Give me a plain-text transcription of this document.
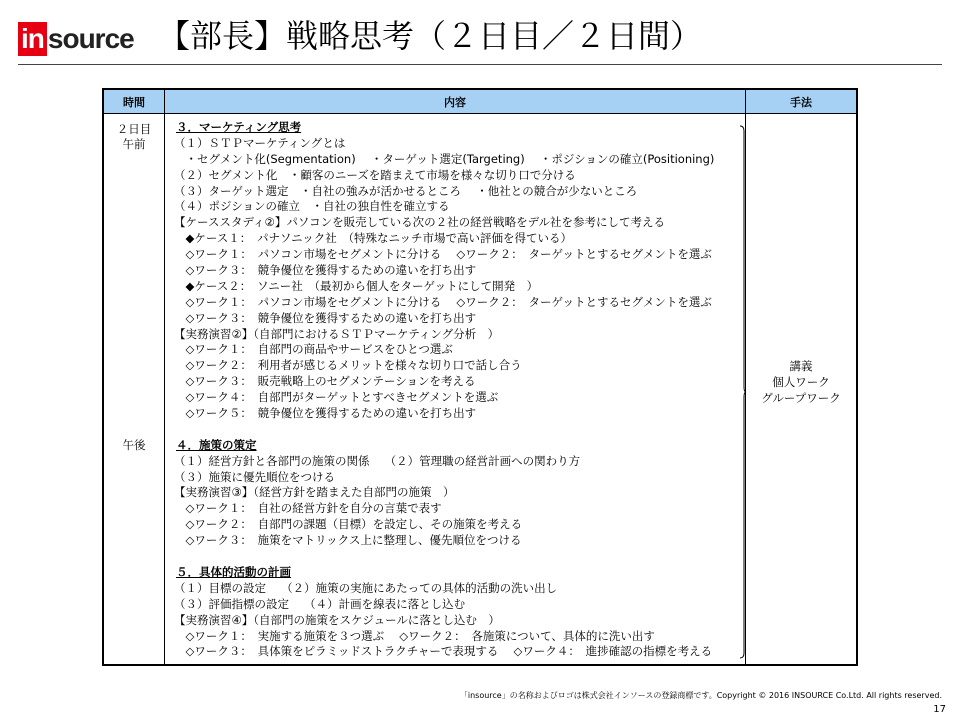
in source 【部長】戦略思考（２日目／２日間）
時間	内容	手法
２日目
午前
午後
３．マーケティング思考
（１）ＳＴＰマーケティングとは
　・セグメント化(Segmentation)　 ・ターゲット選定(Targeting)　 ・ポジションの確立(Positioning)
（２）セグメント化　・顧客のニーズを踏まえて市場を様々な切り口で分ける
（３）ターゲット選定　・自社の強みが活かせるところ　 ・他社との競合が少ないところ
（４）ポジションの確立　・自社の独自性を確立する
【ケーススタディ②】パソコンを販売している次の２社の経営戦略をデル社を参考にして考える
　◆ケース１：　パナソニック社　（特殊なニッチ市場で高い評価を得ている）
　◇ワーク１：　パソコン市場をセグメントに分ける　 ◇ワーク２：　ターゲットとするセグメントを選ぶ
　◇ワーク３：　競争優位を獲得するための違いを打ち出す
　◆ケース２：　ソニー社　（最初から個人をターゲットにして開発　）
　◇ワーク１：　パソコン市場をセグメントに分ける　 ◇ワーク２：　ターゲットとするセグメントを選ぶ
　◇ワーク３：　競争優位を獲得するための違いを打ち出す
【実務演習②】（自部門におけるＳＴＰマーケティング分析　）
　◇ワーク１：　自部門の商品やサービスをひとつ選ぶ
　◇ワーク２：　利用者が感じるメリットを様々な切り口で話し合う
　◇ワーク３：　販売戦略上のセグメンテーションを考える
　◇ワーク４：　自部門がターゲットとすべきセグメントを選ぶ
　◇ワーク５：　競争優位を獲得するための違いを打ち出す
４．施策の策定
（１）経営方針と各部門の施策の関係　 （２）管理職の経営計画への関わり方
（３）施策に優先順位をつける
【実務演習③】（経営方針を踏まえた自部門の施策　）
　◇ワーク１：　自社の経営方針を自分の言葉で表す
　◇ワーク２：　自部門の課題（目標）を設定し、その施策を考える
　◇ワーク３：　施策をマトリックス上に整理し、優先順位をつける
５．具体的活動の計画
（１）目標の設定　 （２）施策の実施にあたっての具体的活動の洗い出し
（３）評価指標の設定　 （４）計画を線表に落とし込む
【実務演習④】（自部門の施策をスケジュールに落とし込む　）
　◇ワーク１：　実施する施策を３つ選ぶ　 ◇ワーク２：　各施策について、具体的に洗い出す
　◇ワーク３：　具体策をピラミッドストラクチャーで表現する　 ◇ワーク４：　進捗確認の指標を考える
講義
個人ワーク
グループワーク
「insource」の名称およびロゴは株式会社インソースの登録商標です。Copyright © 2016 INSOURCE Co.Ltd. All rights reserved.
17
